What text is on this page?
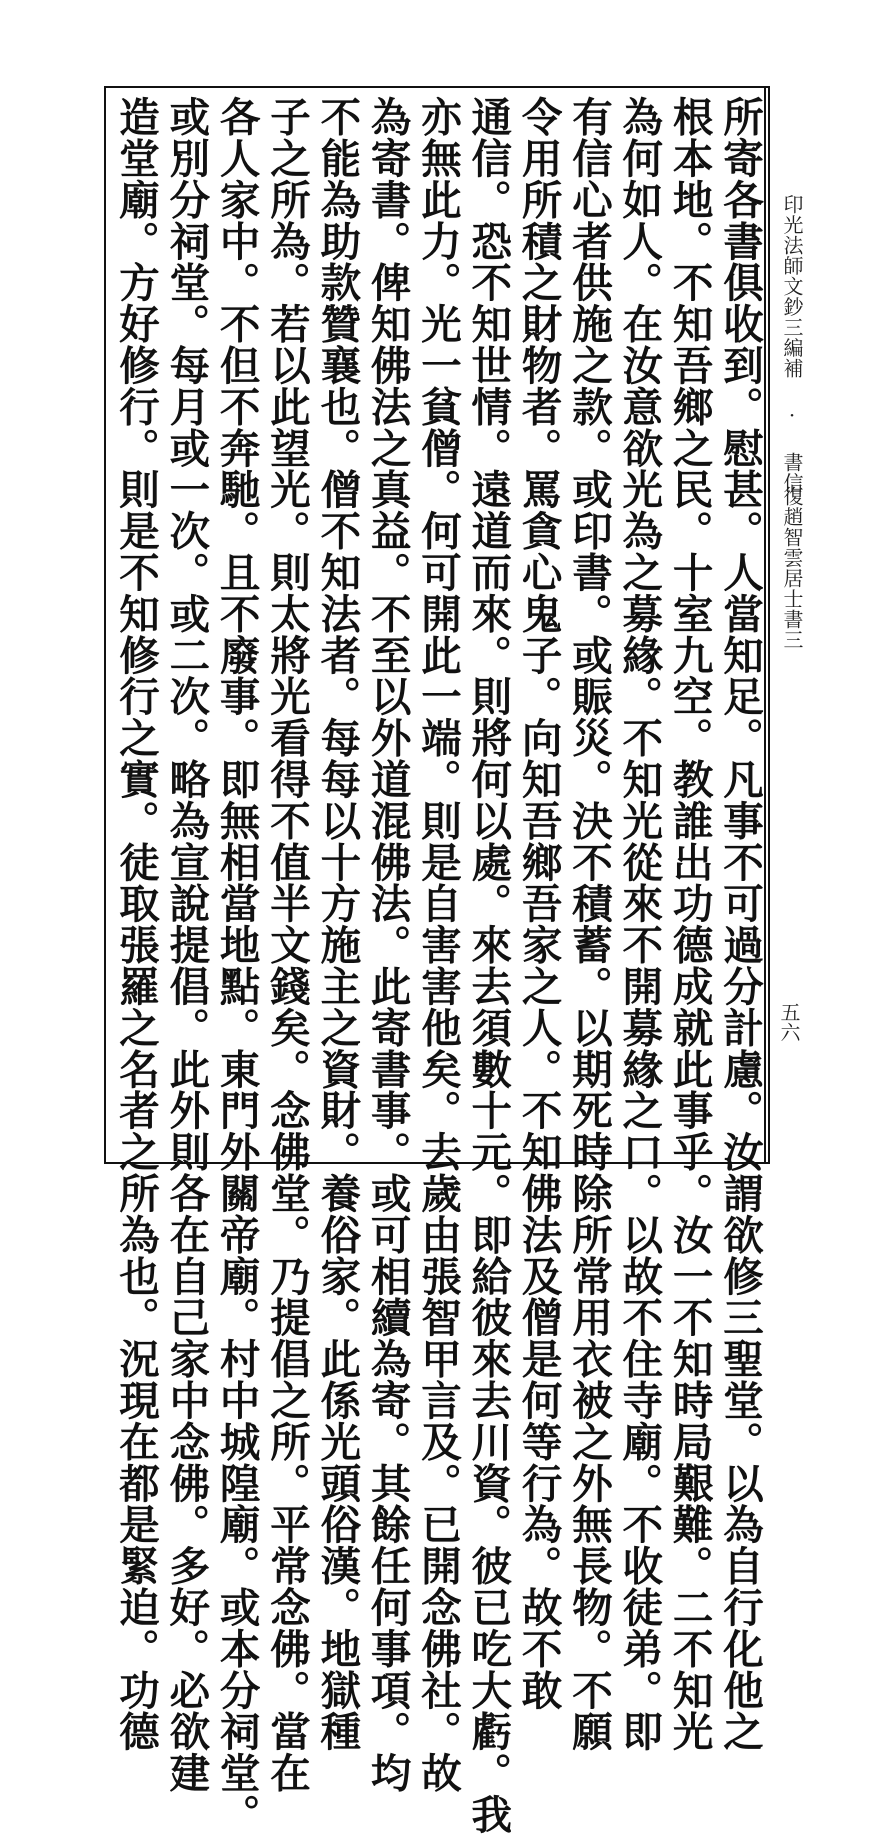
所寄各書俱收到。慰甚。人當知足。凡事不可過分計慮。汝謂欲修三聖堂。以為自行化他之
根本地。不知吾鄉之民。十室九空。教誰出功德成就此事乎。汝一不知時局艱難。二不知光
為何如人。在汝意欲光為之募緣。不知光從來不開募緣之口。以故不住寺廟。不收徒弟。即
有信心者供施之款。或印書。或賑災。決不積蓄。以期死時除所常用衣被之外無長物。不願
令用所積之財物者。罵貪心鬼子。向知吾鄉吾家之人。不知佛法及僧是何等行為。故不敢
通信。恐不知世情。遠道而來。則將何以處。來去須數十元。即給彼來去川資。彼已吃大虧。我
亦無此力。光一貧僧。何可開此一端。則是自害害他矣。去歲由張智甲言及。已開念佛社。故
為寄書。俾知佛法之真益。不至以外道混佛法。此寄書事。或可相續為寄。其餘任何事項。均
不能為助款贊襄也。僧不知法者。每每以十方施主之資財。養俗家。此係光頭俗漢。地獄種
子之所為。若以此望光。則太將光看得不值半文錢矣。念佛堂。乃提倡之所。平常念佛。當在
各人家中。不但不奔馳。且不廢事。即無相當地點。東門外關帝廟。村中城隍廟。或本分祠堂。
或別分祠堂。每月或一次。或二次。略為宣說提倡。此外則各在自己家中念佛。多好。必欲建
造堂廟。方好修行。則是不知修行之實。徒取張羅之名者之所為也。況現在都是緊迫。功德	印光法師文鈔三編補 · 書信
復趙智雲居士書三
五六
